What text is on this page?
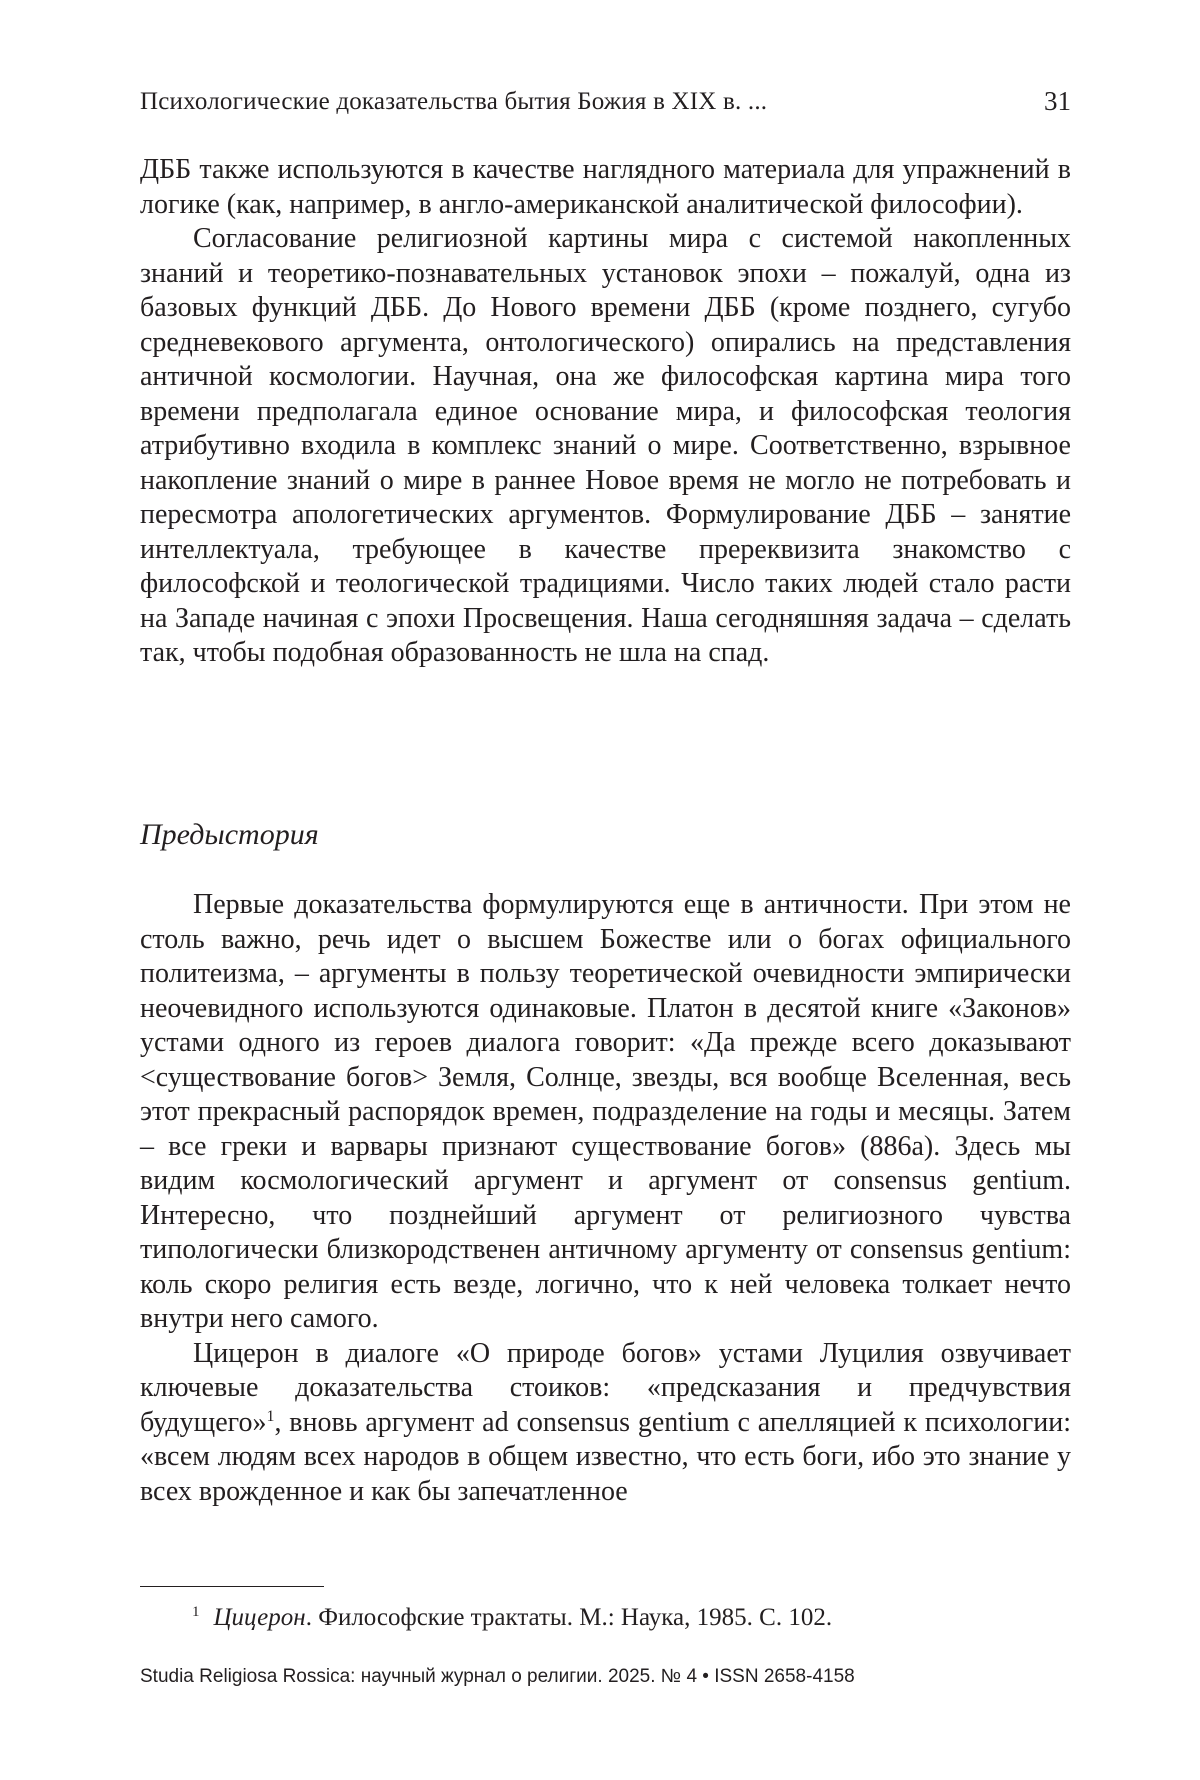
Психологические доказательства бытия Божия в XIX в. ...	31

ДББ также используются в качестве наглядного материала для упражнений в логике (как, например, в англо-американской аналитической философии).

Согласование религиозной картины мира с системой накопленных знаний и теоретико-познавательных установок эпохи – пожалуй, одна из базовых функций ДББ. До Нового времени ДББ (кроме позднего, сугубо средневекового аргумента, онтологического) опирались на представления античной космологии. Научная, она же философская картина мира того времени предполагала единое основание мира, и философская теология атрибутивно входила в комплекс знаний о мире. Соответственно, взрывное накопление знаний о мире в раннее Новое время не могло не потребовать и пересмотра апологетических аргументов. Формулирование ДББ – занятие интеллектуала, требующее в качестве пререквизита знакомство с философской и теологической традициями. Число таких людей стало расти на Западе начиная с эпохи Просвещения. Наша сегодняшняя задача – сделать так, чтобы подобная образованность не шла на спад.

Предыстория

Первые доказательства формулируются еще в античности. При этом не столь важно, речь идет о высшем Божестве или о богах официального политеизма, – аргументы в пользу теоретической очевидности эмпирически неочевидного используются одинаковые. Платон в десятой книге «Законов» устами одного из героев диалога говорит: «Да прежде всего доказывают <существование богов> Земля, Солнце, звезды, вся вообще Вселенная, весь этот прекрасный распорядок времен, подразделение на годы и месяцы. Затем – все греки и варвары признают существование богов» (886а). Здесь мы видим космологический аргумент и аргумент от consensus gentium. Интересно, что позднейший аргумент от религиозного чувства типологически близкородственен античному аргументу от consensus gentium: коль скоро религия есть везде, логично, что к ней человека толкает нечто внутри него самого.

Цицерон в диалоге «О природе богов» устами Луцилия озвучивает ключевые доказательства стоиков: «предсказания и предчувствия будущего»$^1$, вновь аргумент ad consensus gentium с апелляцией к психологии: «всем людям всех народов в общем известно, что есть боги, ибо это знание у всех врожденное и как бы запечатленное

$^1$ Цицерон. Философские трактаты. М.: Наука, 1985. С. 102.
Studia Religiosa Rossica: научный журнал о религии. 2025. № 4 • ISSN 2658-4158
